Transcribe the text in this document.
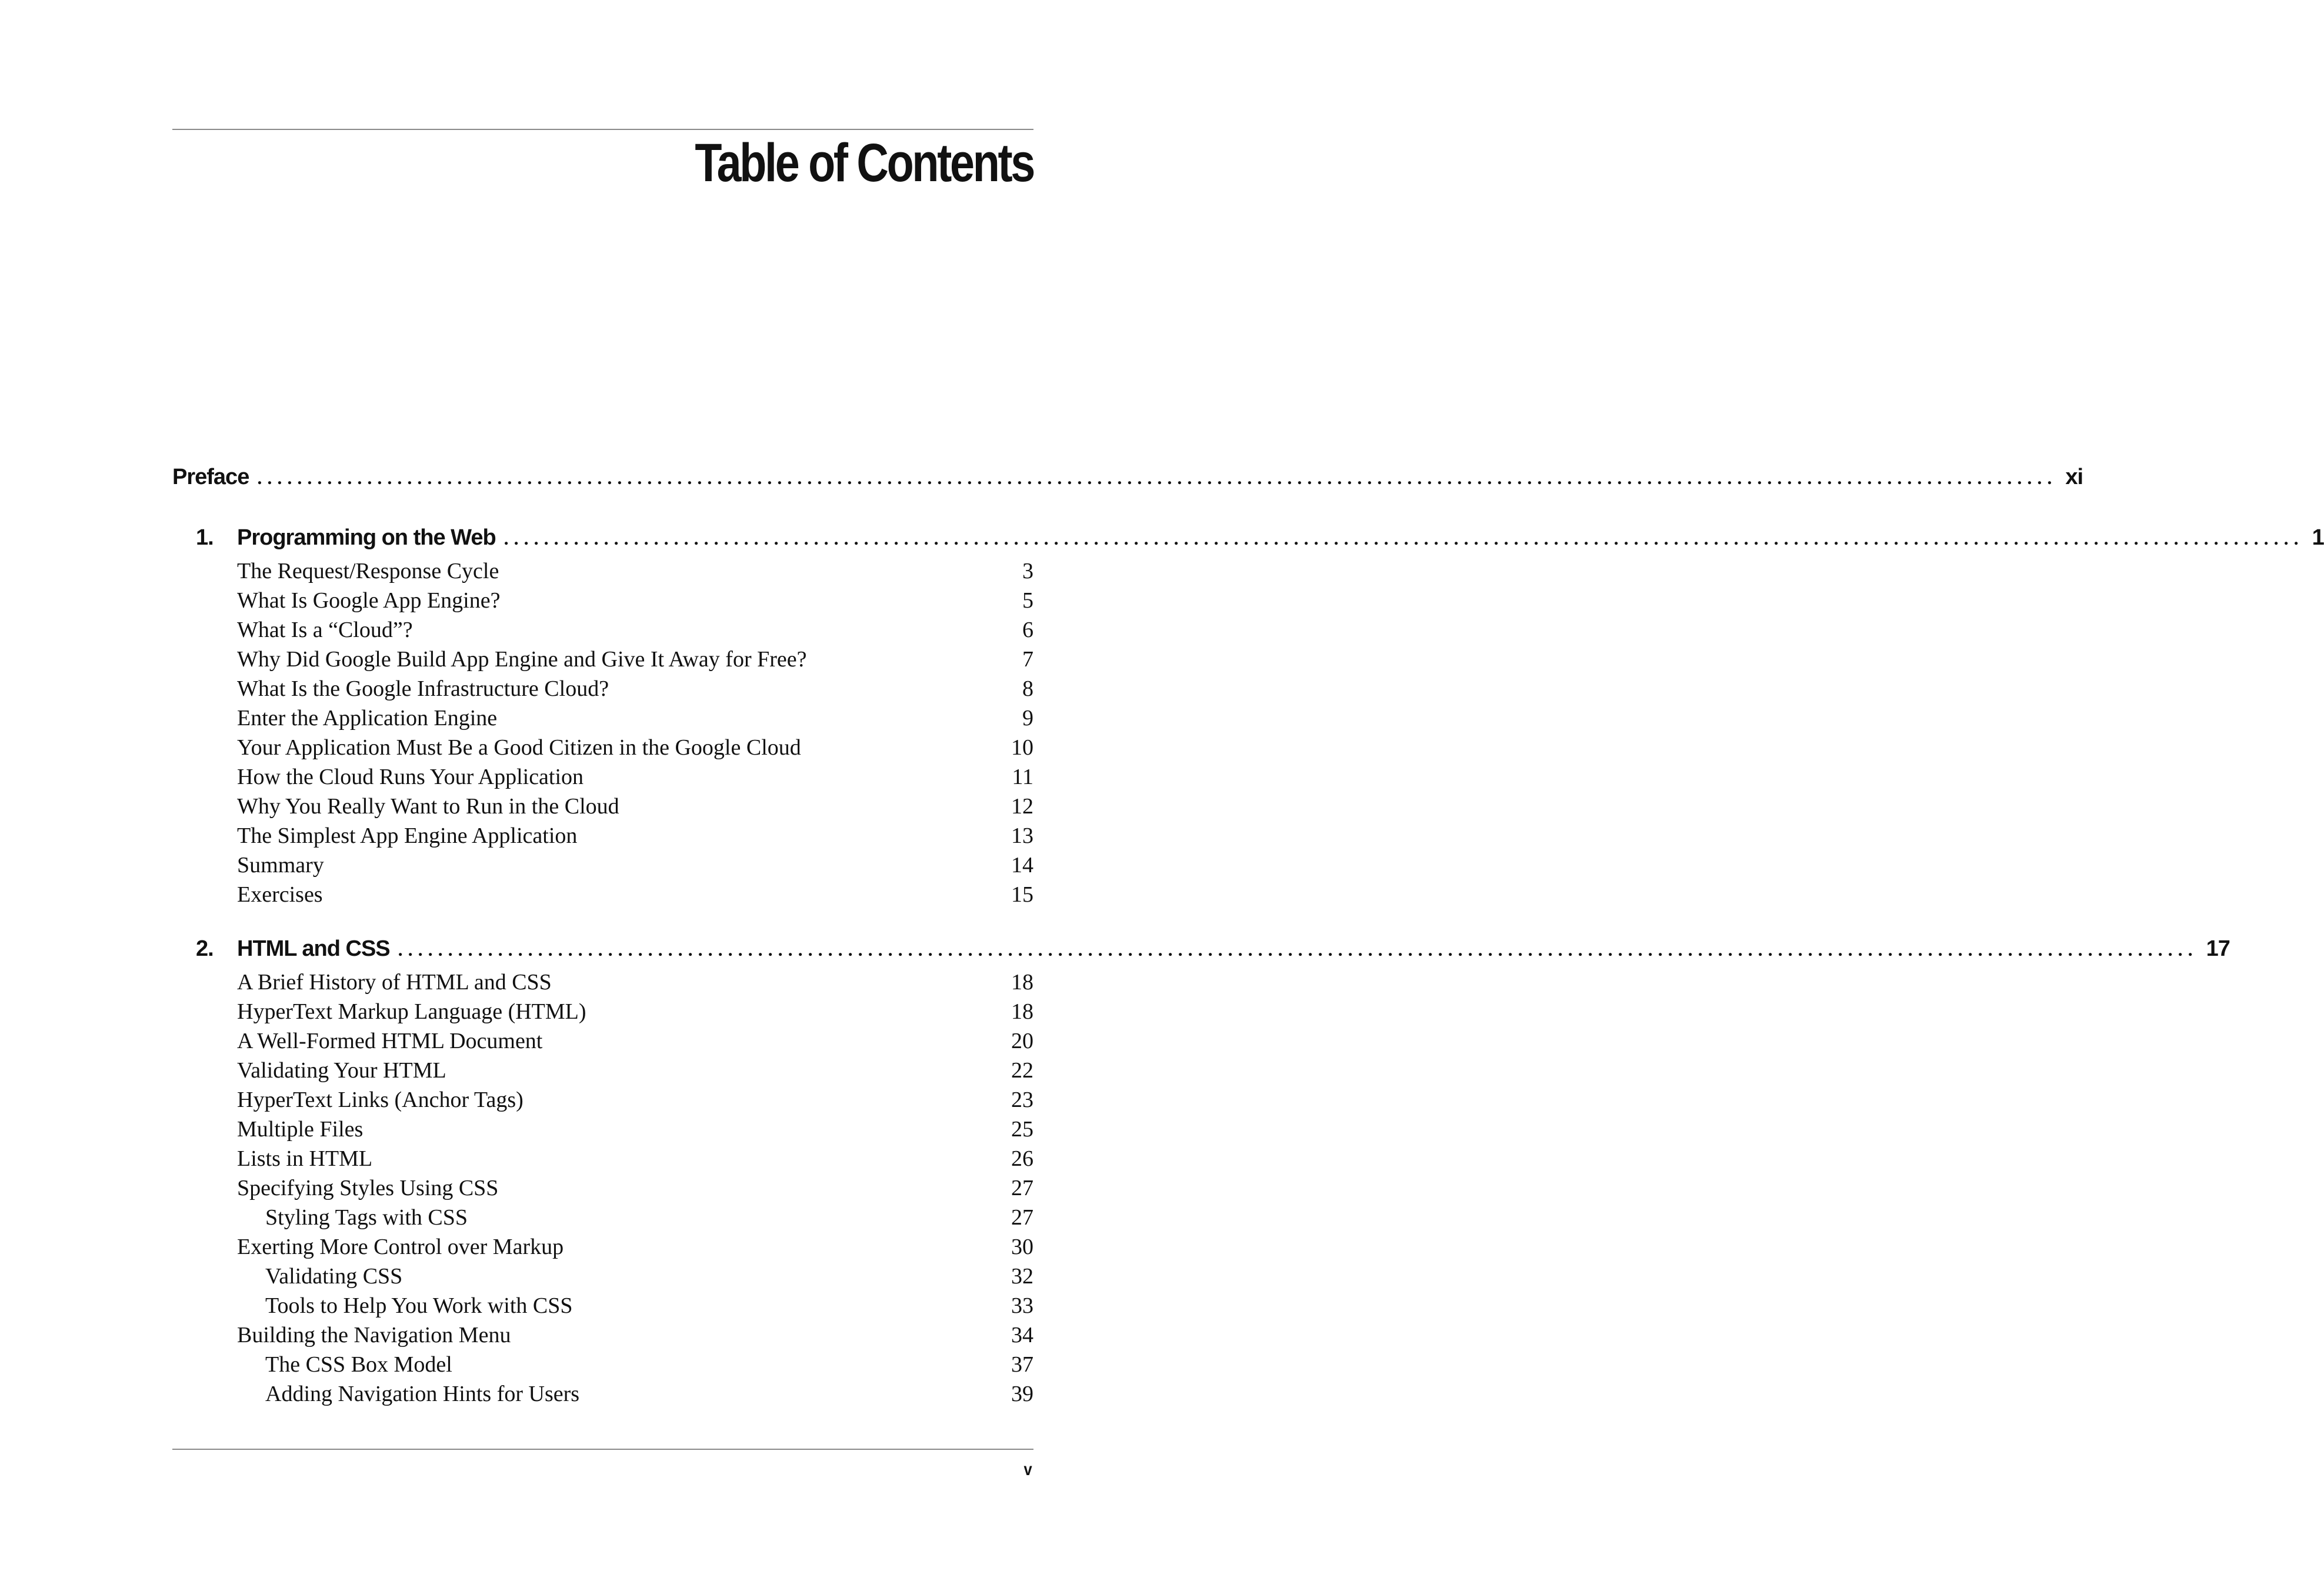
Table of Contents
Preface .................................................................................................................................................................................... xi
1. Programming on the Web .................................................................................................................................................................................... 1
The Request/Response Cycle	3
What Is Google App Engine?	5
What Is a “Cloud”?	6
Why Did Google Build App Engine and Give It Away for Free?	7
What Is the Google Infrastructure Cloud?	8
Enter the Application Engine	9
Your Application Must Be a Good Citizen in the Google Cloud	10
How the Cloud Runs Your Application	11
Why You Really Want to Run in the Cloud	12
The Simplest App Engine Application	13
Summary	14
Exercises	15
2. HTML and CSS .................................................................................................................................................................................... 17
A Brief History of HTML and CSS	18
HyperText Markup Language (HTML)	18
A Well-Formed HTML Document	20
Validating Your HTML	22
HyperText Links (Anchor Tags)	23
Multiple Files	25
Lists in HTML	26
Specifying Styles Using CSS	27
Styling Tags with CSS	27
Exerting More Control over Markup	30
Validating CSS	32
Tools to Help You Work with CSS	33
Building the Navigation Menu	34
The CSS Box Model	37
Adding Navigation Hints for Users	39
v
